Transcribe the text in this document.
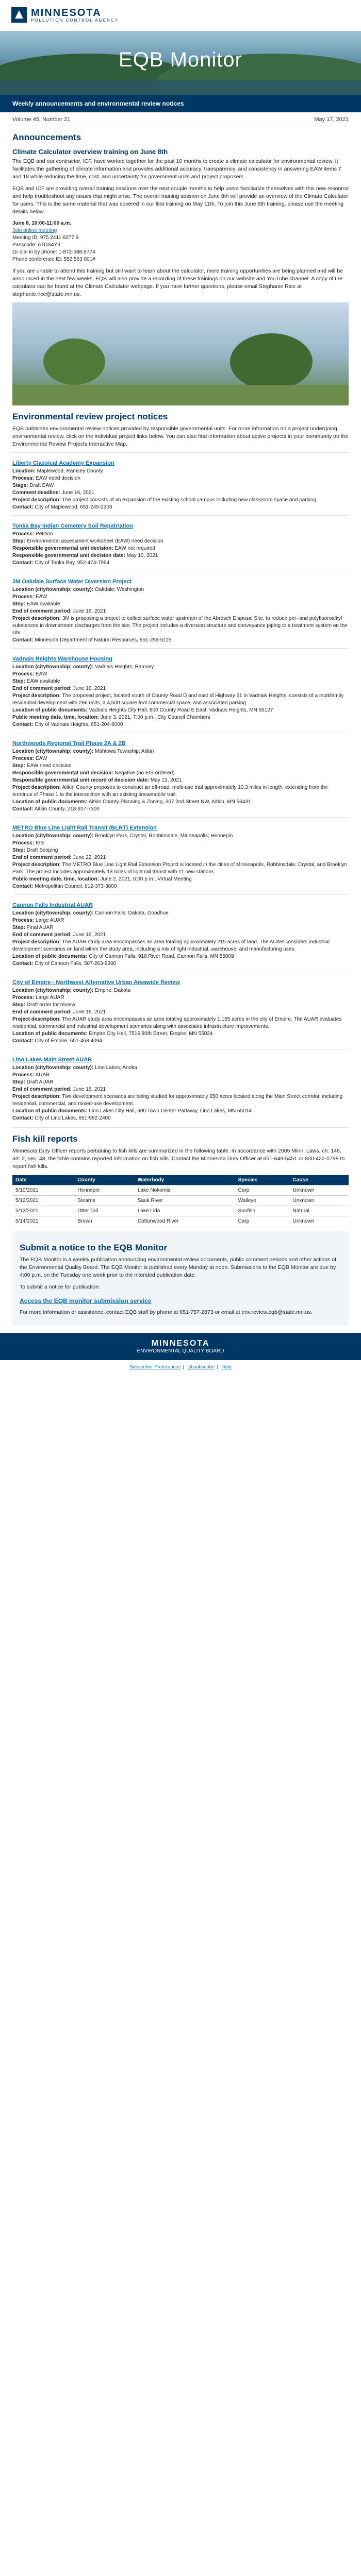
MINNESOTA
POLLUTION CONTROL AGENCY
EQB Monitor
Weekly announcements and environmental review notices
Volume 45, Number 21	May 17, 2021
Announcements
Climate Calculator overview training on June 8th

The EQB and our contractor, ICF, have worked together for the past 10 months to create a climate calculator for environmental review. It facilitates the gathering of climate information and provides additional accuracy, transparency, and consistency in answering EAW items 7 and 18 while reducing the time, cost, and uncertainty for government units and project proposers.

EQB and ICF are providing overall training sessions over the next couple months to help users familiarize themselves with this new resource and help troubleshoot any issues that might arise. The overall training session on June 8th will provide an overview of the Climate Calculator for users. This is the same material that was covered in our first training on May 11th. To join this June 8th training, please use the meeting details below.

June 8, 10:00-11:00 a.m.

Join online meeting

Meeting ID: 975 2411 6077 9

Passcode: oTDS4Y3

Or dial in by phone: 1-872-588-5774

Phone conference ID: 552 563 001#

If you are unable to attend this training but still want to learn about the calculator, more training opportunities are being planned and will be announced in the next few weeks. EQB will also provide a recording of these trainings on our website and YouTube channel. A copy of the calculator can be found at the Climate Calculator webpage. If you have further questions, please email Stephanie Rice at stephanie.rice@state.mn.us.

Environmental review project notices

EQB publishes environmental review notices provided by responsible governmental units. For more information on a project undergoing environmental review, click on the individual project links below. You can also find information about active projects in your community on the Environmental Review Projects Interactive Map.

Liberty Classical Academy Expansion

Location: Maplewood, Ramsey County

Process: EAW need decision

Stage: Draft EAW

Comment deadline: June 16, 2021

Project description: The project consists of an expansion of the existing school campus including new classroom space and parking.

Contact: City of Maplewood, 651-249-2303

Tonka Bay Indian Cemetery Soil Repatriation

Process: Petition

Step: Environmental assessment worksheet (EAW) need decision

Responsible governmental unit decision: EAW not required

Responsible governmental unit decision date: May 10, 2021

Contact: City of Tonka Bay, 952-474-7994

3M Oakdale Surface Water Diversion Project

Location (city/township; county): Oakdale; Washington

Process: EAW

Step: EAW available

End of comment period: June 16, 2021

Project description: 3M is proposing a project to collect surface water upstream of the Abresch Disposal Site, to reduce per- and polyfluoroalkyl substances in downstream discharges from the site. The project includes a diversion structure and conveyance piping to a treatment system on the site.

Contact: Minnesota Department of Natural Resources, 651-259-5115

Vadnais Heights Warehouse Housing

Location (city/township; county): Vadnais Heights; Ramsey

Process: EAW

Step: EAW available

End of comment period: June 16, 2021

Project description: The proposed project, located south of County Road D and east of Highway 61 in Vadnais Heights, consists of a multifamily residential development with 266 units, a 4,500 square foot commercial space, and associated parking.

Location of public documents: Vadnais Heights City Hall, 800 County Road E East, Vadnais Heights, MN 55127

Public meeting date, time, location: June 3, 2021, 7:00 p.m., City Council Chambers

Contact: City of Vadnais Heights, 651-204-6000

Northwoods Regional Trail Phase 2A & 2B

Location (city/township; county): Mahtowa Township; Aitkin

Process: EAW

Step: EAW need decision

Responsible governmental unit decision: Negative (no EIS ordered)

Responsible governmental unit record of decision date: May 13, 2021

Project description: Aitkin County proposes to construct an off-road, multi-use trail approximately 10.3 miles in length, extending from the terminus of Phase 1 to the intersection with an existing snowmobile trail.

Location of public documents: Aitkin County Planning & Zoning, 307 2nd Street NW, Aitkin, MN 56431

Contact: Aitkin County, 218-927-7300

METRO Blue Line Light Rail Transit (BLRT) Extension

Location (city/township; county): Brooklyn Park, Crystal, Robbinsdale, Minneapolis; Hennepin

Process: EIS

Step: Draft Scoping

End of comment period: June 22, 2021

Project description: The METRO Blue Line Light Rail Extension Project is located in the cities of Minneapolis, Robbinsdale, Crystal, and Brooklyn Park. The project includes approximately 13 miles of light rail transit with 11 new stations.

Public meeting date, time, location: June 2, 2021, 6:00 p.m., Virtual Meeting

Contact: Metropolitan Council, 612-373-3800

Cannon Falls Industrial AUAR

Location (city/township; county): Cannon Falls; Dakota, Goodhue

Process: Large AUAR

Step: Final AUAR

End of comment period: June 16, 2021

Project description: The AUAR study area encompasses an area totaling approximately 215 acres of land. The AUAR considers industrial development scenarios on land within the study area, including a mix of light industrial, warehouse, and manufacturing uses.

Location of public documents: City of Cannon Falls, 918 River Road, Cannon Falls, MN 55009

Contact: City of Cannon Falls, 507-263-9300

City of Empire - Northwest Alternative Urban Areawide Review

Location (city/township; county): Empire; Dakota

Process: Large AUAR

Step: Draft order for review

End of comment period: June 16, 2021

Project description: The AUAR study area encompasses an area totaling approximately 1,155 acres in the city of Empire. The AUAR evaluates residential, commercial and industrial development scenarios along with associated infrastructure improvements.

Location of public documents: Empire City Hall, 7516 80th Street, Empire, MN 55024

Contact: City of Empire, 651-463-4094

Lino Lakes Main Street AUAR

Location (city/township; county): Lino Lakes; Anoka

Process: AUAR

Step: Draft AUAR

End of comment period: June 16, 2021

Project description: Two development scenarios are being studied for approximately 650 acres located along the Main Street corridor, including residential, commercial, and mixed-use development.

Location of public documents: Lino Lakes City Hall, 600 Town Center Parkway, Lino Lakes, MN 55014

Contact: City of Lino Lakes, 651-982-2400

Fish kill reports

Minnesota Duty Officer reports pertaining to fish kills are summarized in the following table. In accordance with 2005 Minn. Laws, ch. 146, art. 2, sec. 48, the table contains reported information on fish kills. Contact the Minnesota Duty Officer at 651-649-5451 or 800-422-0798 to report fish kills.

Date	County	Waterbody	Species	Cause
5/10/2021	Hennepin	Lake Nokomis	Carp	Unknown
5/12/2021	Stearns	Sauk River	Walleye	Unknown
5/13/2021	Otter Tail	Lake Lida	Sunfish	Natural
5/14/2021	Brown	Cottonwood River	Carp	Unknown
Submit a notice to the EQB Monitor

The EQB Monitor is a weekly publication announcing environmental review documents, public comment periods and other actions of the Environmental Quality Board. The EQB Monitor is published every Monday at noon. Submissions to the EQB Monitor are due by 4:00 p.m. on the Tuesday one week prior to the intended publication date.

To submit a notice for publication:

Access the EQB monitor submission service

For more information or assistance, contact EQB staff by phone at 651-757-2873 or email at env.review.eqb@state.mn.us.

MINNESOTA
ENVIRONMENTAL QUALITY BOARD
Subscriber Preferences | Unsubscribe | Help
